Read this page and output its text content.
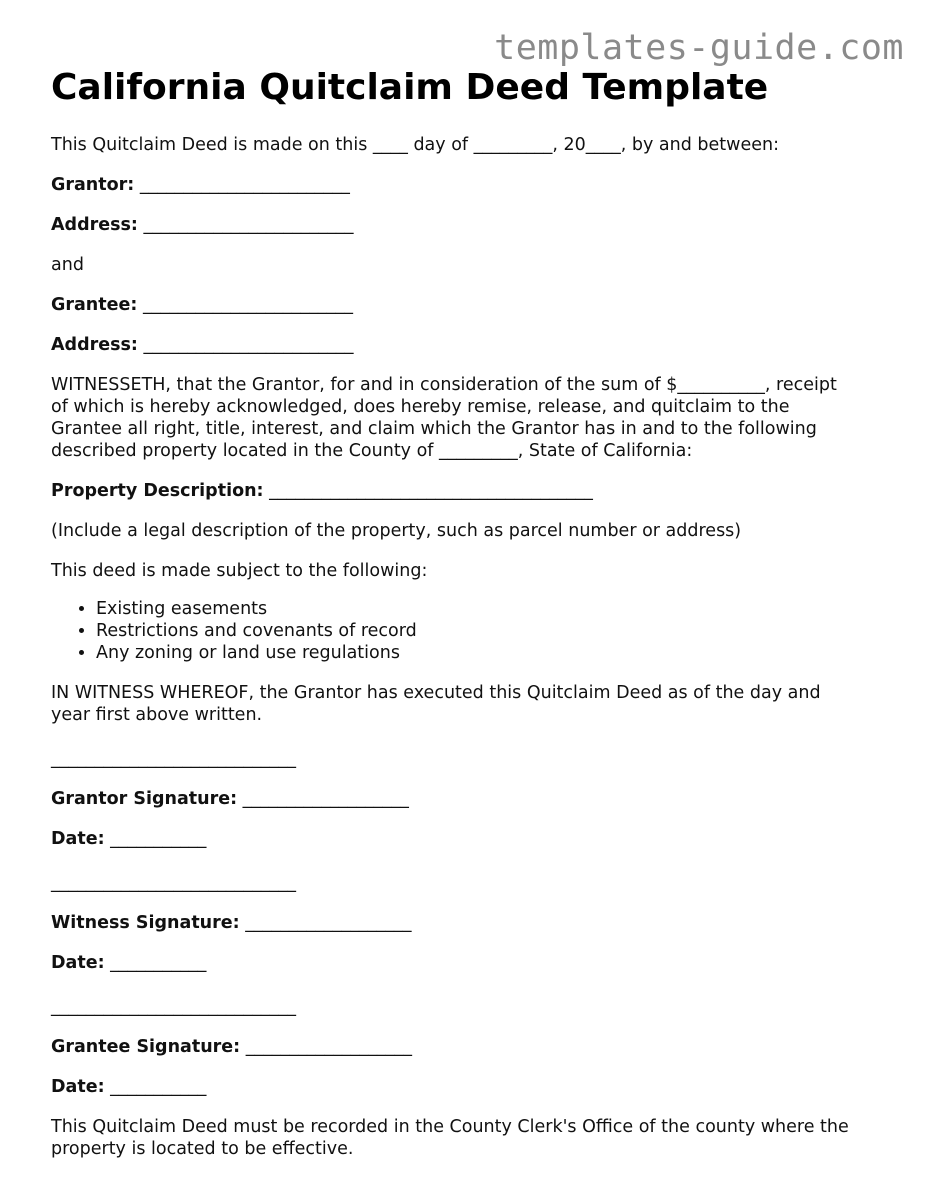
templates-guide.com
California Quitclaim Deed Template

This Quitclaim Deed is made on this ____ day of _________, 20____, by and between:

Grantor: ________________________

Address: ________________________

and

Grantee: ________________________

Address: ________________________

WITNESSETH, that the Grantor, for and in consideration of the sum of $__________, receipt

of which is hereby acknowledged, does hereby remise, release, and quitclaim to the

Grantee all right, title, interest, and claim which the Grantor has in and to the following

described property located in the County of _________, State of California:

Property Description: _____________________________________

(Include a legal description of the property, such as parcel number or address)

This deed is made subject to the following:

• Existing easements
• Restrictions and covenants of record
• Any zoning or land use regulations

IN WITNESS WHEREOF, the Grantor has executed this Quitclaim Deed as of the day and

year first above written.

____________________________

Grantor Signature: ___________________

Date: ___________

____________________________

Witness Signature: ___________________

Date: ___________

____________________________

Grantee Signature: ___________________

Date: ___________

This Quitclaim Deed must be recorded in the County Clerk's Office of the county where the

property is located to be effective.
